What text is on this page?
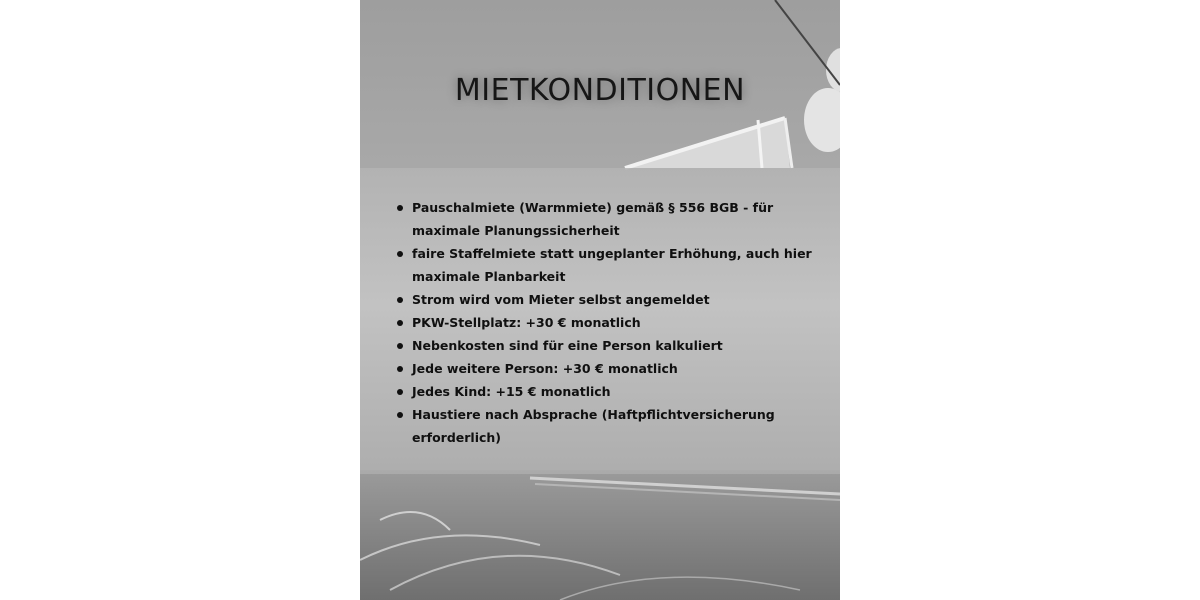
MIETKONDITIONEN
Pauschalmiete (Warmmiete) gemäß § 556 BGB - für maximale Planungssicherheit
faire Staffelmiete statt ungeplanter Erhöhung, auch hier maximale Planbarkeit
Strom wird vom Mieter selbst angemeldet
PKW-Stellplatz: +30 € monatlich
Nebenkosten sind für eine Person kalkuliert
Jede weitere Person: +30 € monatlich
Jedes Kind: +15 € monatlich
Haustiere nach Absprache (Haftpflichtversicherung erforderlich)
